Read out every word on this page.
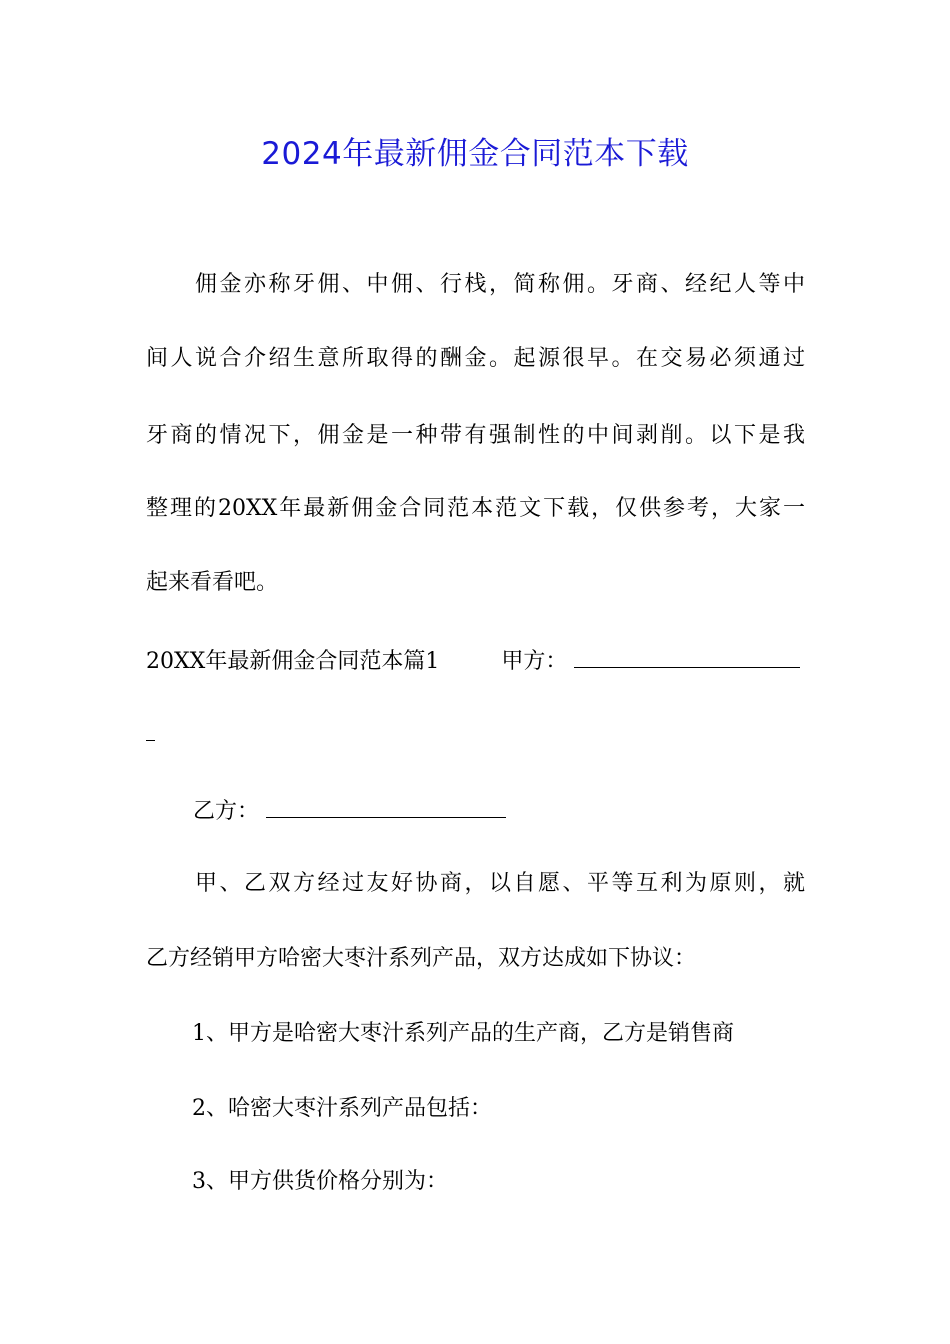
2024年最新佣金合同范本下载
佣金亦称牙佣、中佣、行栈，简称佣。牙商、经纪人等中
间人说合介绍生意所取得的酬金。起源很早。在交易必须通过
牙商的情况下，佣金是一种带有强制性的中间剥削。以下是我
整理的20XX年最新佣金合同范本范文下载，仅供参考，大家一
起来看看吧。
20XX年最新佣金合同范本篇1	甲方：
乙方：
甲、乙双方经过友好协商，以自愿、平等互利为原则，就
乙方经销甲方哈密大枣汁系列产品，双方达成如下协议：
1、甲方是哈密大枣汁系列产品的生产商，乙方是销售商
2、哈密大枣汁系列产品包括：
3、甲方供货价格分别为：
